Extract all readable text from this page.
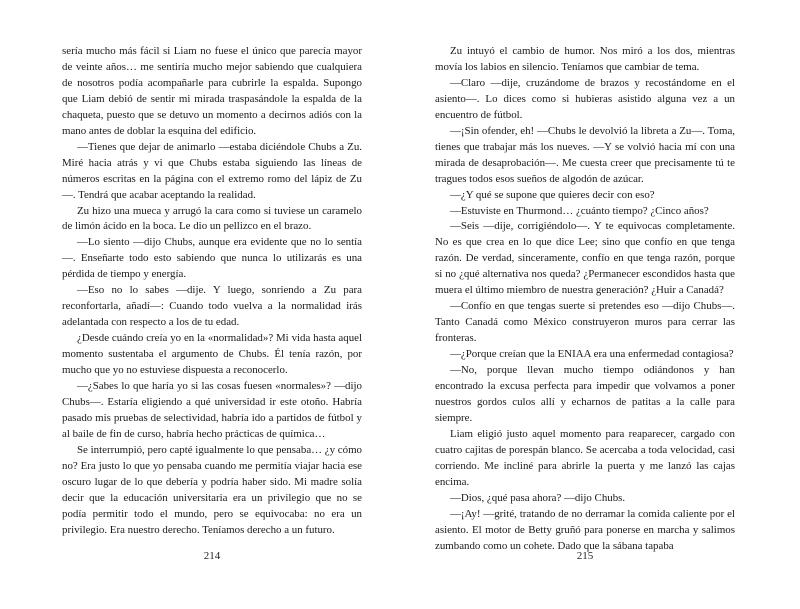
sería mucho más fácil si Liam no fuese el único que parecía mayor de veinte años… me sentiría mucho mejor sabiendo que cualquiera de nosotros podía acompañarle para cubrirle la espalda. Supongo que Liam debió de sentir mi mirada traspasándole la espalda de la chaqueta, puesto que se detuvo un momento a decirnos adiós con la mano antes de doblar la esquina del edificio.

—Tienes que dejar de animarlo —estaba diciéndole Chubs a Zu. Miré hacia atrás y vi que Chubs estaba siguiendo las líneas de números escritas en la página con el extremo romo del lápiz de Zu—. Tendrá que acabar aceptando la realidad.

Zu hizo una mueca y arrugó la cara como si tuviese un caramelo de limón ácido en la boca. Le dio un pellizco en el brazo.

—Lo siento —dijo Chubs, aunque era evidente que no lo sentía—. Enseñarte todo esto sabiendo que nunca lo utilizarás es una pérdida de tiempo y energía.

—Eso no lo sabes —dije. Y luego, sonriendo a Zu para reconfortarla, añadí—: Cuando todo vuelva a la normalidad irás adelantada con respecto a los de tu edad.

¿Desde cuándo creía yo en la «normalidad»? Mi vida hasta aquel momento sustentaba el argumento de Chubs. Él tenía razón, por mucho que yo no estuviese dispuesta a reconocerlo.

—¿Sabes lo que haría yo si las cosas fuesen «normales»? —dijo Chubs—. Estaría eligiendo a qué universidad ir este otoño. Habría pasado mis pruebas de selectividad, habría ido a partidos de fútbol y al baile de fin de curso, habría hecho prácticas de química…

Se interrumpió, pero capté igualmente lo que pensaba… ¿y cómo no? Era justo lo que yo pensaba cuando me permitía viajar hacia ese oscuro lugar de lo que debería y podría haber sido. Mi madre solía decir que la educación universitaria era un privilegio que no se podía permitir todo el mundo, pero se equivocaba: no era un privilegio. Era nuestro derecho. Teníamos derecho a un futuro.

214

Zu intuyó el cambio de humor. Nos miró a los dos, mientras movía los labios en silencio. Teníamos que cambiar de tema.

—Claro —dije, cruzándome de brazos y recostándome en el asiento—. Lo dices como si hubieras asistido alguna vez a un encuentro de fútbol.

—¡Sin ofender, eh! —Chubs le devolvió la libreta a Zu—. Toma, tienes que trabajar más los nueves. —Y se volvió hacia mí con una mirada de desaprobación—. Me cuesta creer que precisamente tú te tragues todos esos sueños de algodón de azúcar.

—¿Y qué se supone que quieres decir con eso?

—Estuviste en Thurmond… ¿cuánto tiempo? ¿Cinco años?

—Seis —dije, corrigiéndolo—. Y te equivocas completamente. No es que crea en lo que dice Lee; sino que confío en que tenga razón. De verdad, sinceramente, confío en que tenga razón, porque si no ¿qué alternativa nos queda? ¿Permanecer escondidos hasta que muera el último miembro de nuestra generación? ¿Huir a Canadá?

—Confío en que tengas suerte si pretendes eso —dijo Chubs—. Tanto Canadá como México construyeron muros para cerrar las fronteras.

—¿Porque creían que la ENIAA era una enfermedad contagiosa?

—No, porque llevan mucho tiempo odiándonos y han encontrado la excusa perfecta para impedir que volvamos a poner nuestros gordos culos allí y echarnos de patitas a la calle para siempre.

Liam eligió justo aquel momento para reaparecer, cargado con cuatro cajitas de porespán blanco. Se acercaba a toda velocidad, casi corriendo. Me incliné para abrirle la puerta y me lanzó las cajas encima.

—Dios, ¿qué pasa ahora? —dijo Chubs.

—¡Ay! —grité, tratando de no derramar la comida caliente por el asiento. El motor de Betty gruñó para ponerse en marcha y salimos zumbando como un cohete. Dado que la sábana tapaba

215
